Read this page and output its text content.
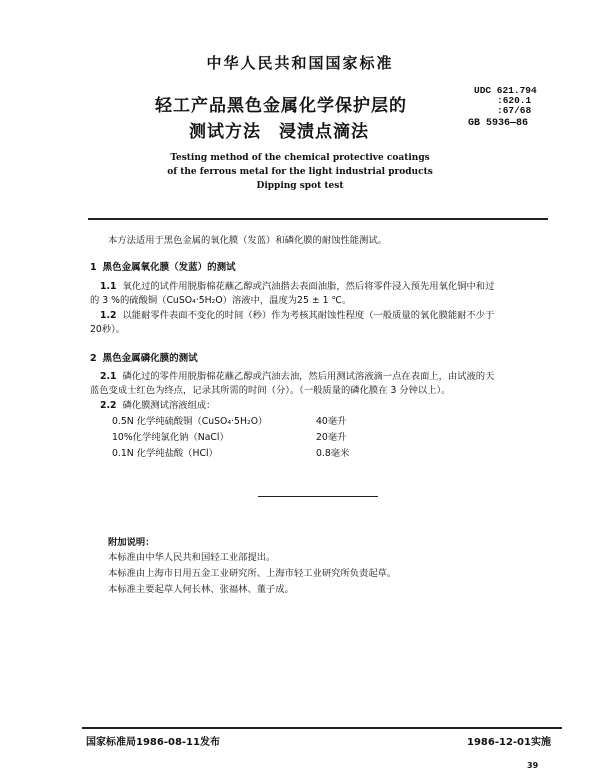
中华人民共和国国家标准
轻工产品黑色金属化学保护层的
测试方法　浸渍点滴法
UDC 621.794
:620.1
:67/68
GB 5936—86
Testing method of the chemical protective coatings
of the ferrous metal for the light industrial products
Dipping spot test
本方法适用于黑色金属的氧化膜（发蓝）和磷化膜的耐蚀性能测试。
1 黑色金属氧化膜（发蓝）的测试
1.1 氧化过的试件用脱脂棉花蘸乙醇或汽油揩去表面油脂，然后将零件浸入预先用氧化铜中和过
的 3 %的硫酸铜（CuSO₄·5H₂O）溶液中，温度为25 ± 1 ℃。
1.2 以能耐零件表面不变化的时间（秒）作为考核其耐蚀性程度（一般质量的氧化膜能耐不少于
20秒）。
2 黑色金属磷化膜的测试
2.1 磷化过的零件用脱脂棉花蘸乙醇或汽油去油，然后用测试溶液滴一点在表面上，由试液的天
蓝色变成士红色为终点，记录其所需的时间（分）。（一般质量的磷化膜在 3 分钟以上）。
2.2 磷化膜测试溶液组成：
0.5N 化学纯硫酸铜（CuSO₄·5H₂O）	40毫升
10%化学纯氯化钠（NaCl）	20毫升
0.1N 化学纯盐酸（HCl）	0.8毫米
附加说明：
本标准由中华人民共和国轻工业部提出。
本标准由上海市日用五金工业研究所、上海市轻工业研究所负责起草。
本标准主要起草人何长林、张福林、董子成。
国家标准局1986-08-11发布	1986-12-01实施
39
